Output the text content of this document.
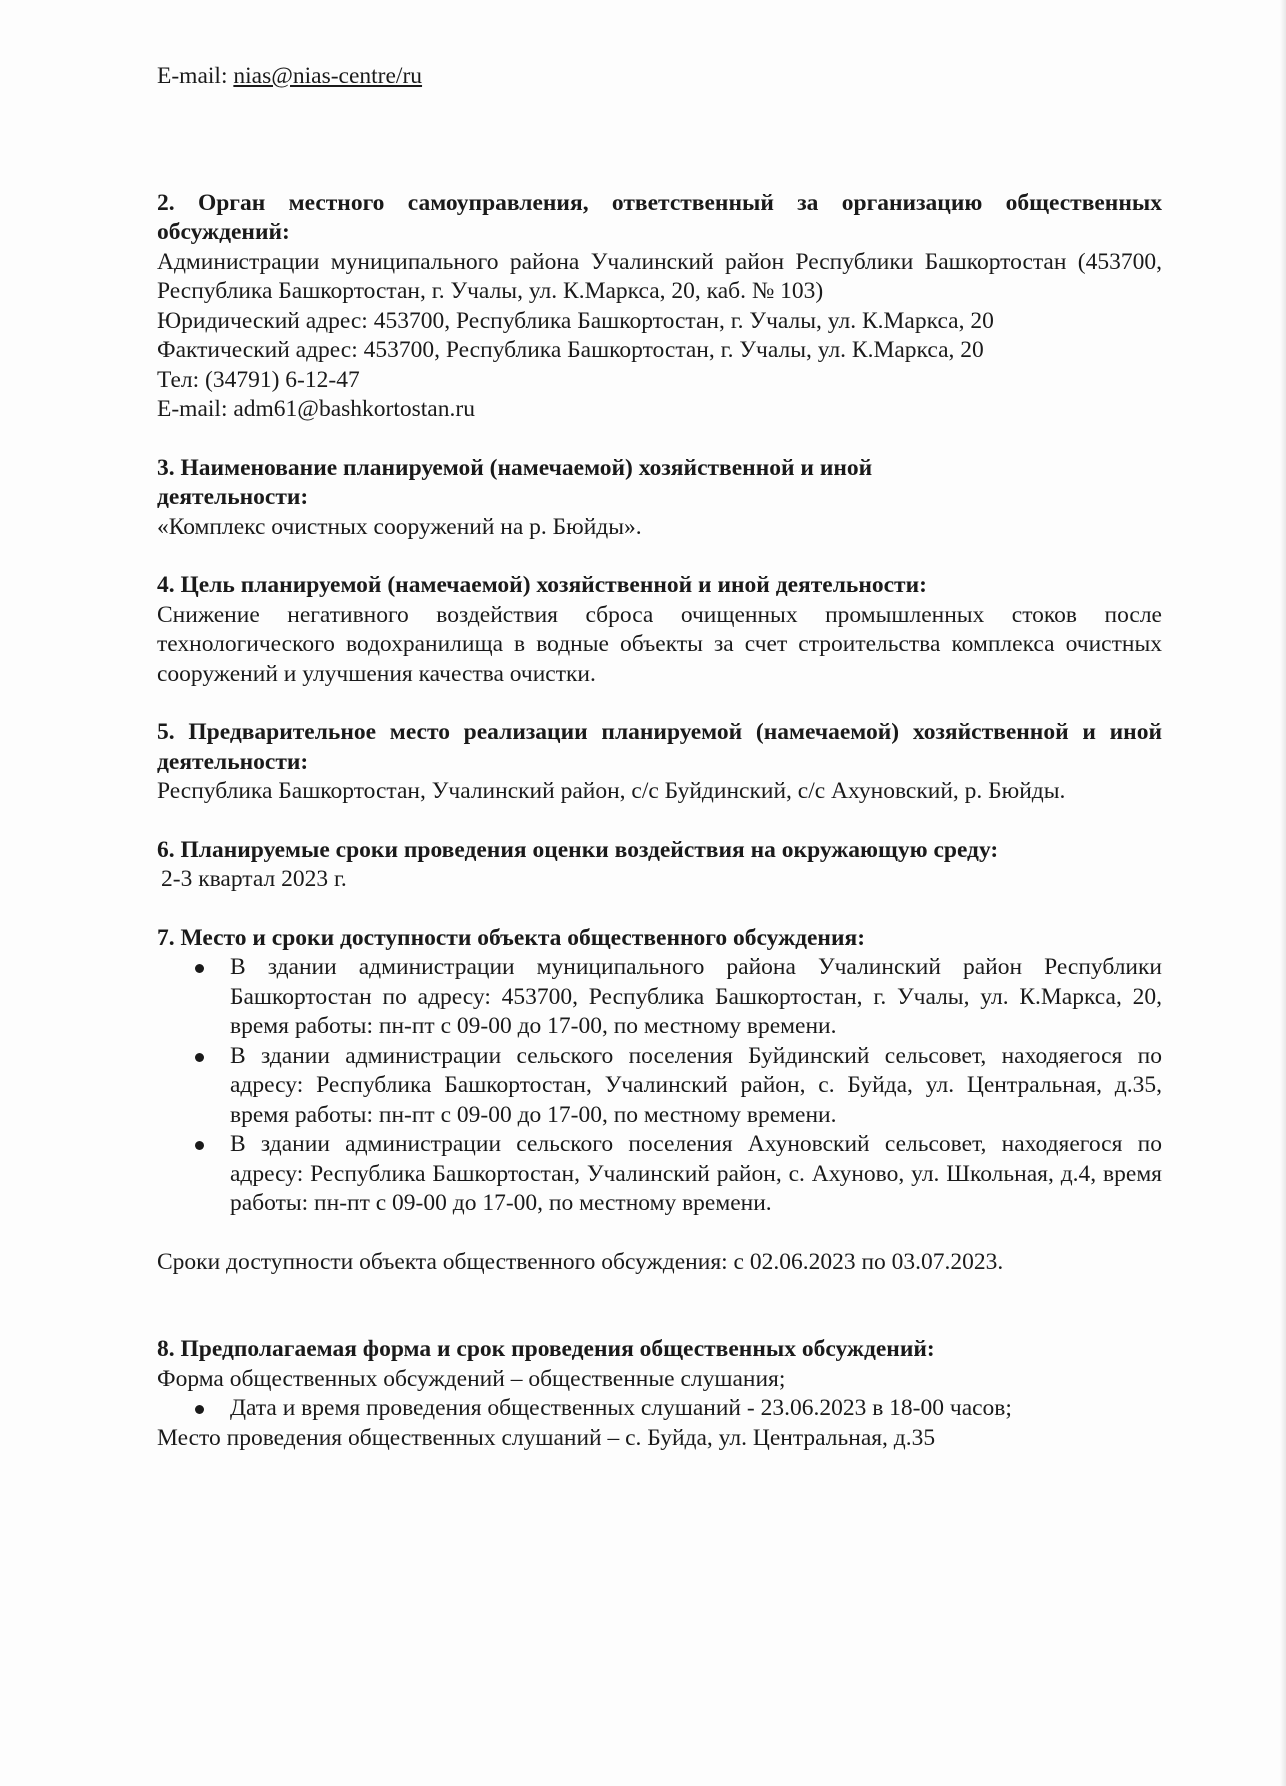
E-mail: nias@nias-centre/ru

2. Орган местного самоуправления, ответственный за организацию общественных обсуждений:

Администрации муниципального района Учалинский район Республики Башкортостан (453700, Республика Башкортостан, г. Учалы, ул. К.Маркса, 20, каб. № 103)

Юридический адрес: 453700, Республика Башкортостан, г. Учалы, ул. К.Маркса, 20

Фактический адрес: 453700, Республика Башкортостан, г. Учалы, ул. К.Маркса, 20

Тел: (34791) 6-12-47

E-mail: adm61@bashkortostan.ru

3. Наименование планируемой (намечаемой) хозяйственной и иной деятельности:

«Комплекс очистных сооружений на р. Бюйды».

4. Цель планируемой (намечаемой) хозяйственной и иной деятельности:

Снижение негативного воздействия сброса очищенных промышленных стоков после технологического водохранилища в водные объекты за счет строительства комплекса очистных сооружений и улучшения качества очистки.

5. Предварительное место реализации планируемой (намечаемой) хозяйственной и иной деятельности:

Республика Башкортостан, Учалинский район, с/с Буйдинский, с/с Ахуновский, р. Бюйды.

6. Планируемые сроки проведения оценки воздействия на окружающую среду:

2-3 квартал 2023 г.

7. Место и сроки доступности объекта общественного обсуждения:

В здании администрации муниципального района Учалинский район Республики Башкортостан по адресу: 453700, Республика Башкортостан, г. Учалы, ул. К.Маркса, 20, время работы: пн-пт с 09-00 до 17-00, по местному времени.
В здании администрации сельского поселения Буйдинский сельсовет, находяегося по адресу: Республика Башкортостан, Учалинский район, с. Буйда, ул. Центральная, д.35, время работы: пн-пт с 09-00 до 17-00, по местному времени.
В здании администрации сельского поселения Ахуновский сельсовет, находяегося по адресу: Республика Башкортостан, Учалинский район, с. Ахуново, ул. Школьная, д.4, время работы: пн-пт с 09-00 до 17-00, по местному времени.

Сроки доступности объекта общественного обсуждения: с 02.06.2023 по 03.07.2023.

8. Предполагаемая форма и срок проведения общественных обсуждений:

Форма общественных обсуждений – общественные слушания;

Дата и время проведения общественных слушаний - 23.06.2023 в 18-00 часов;

Место проведения общественных слушаний – с. Буйда, ул. Центральная, д.35
